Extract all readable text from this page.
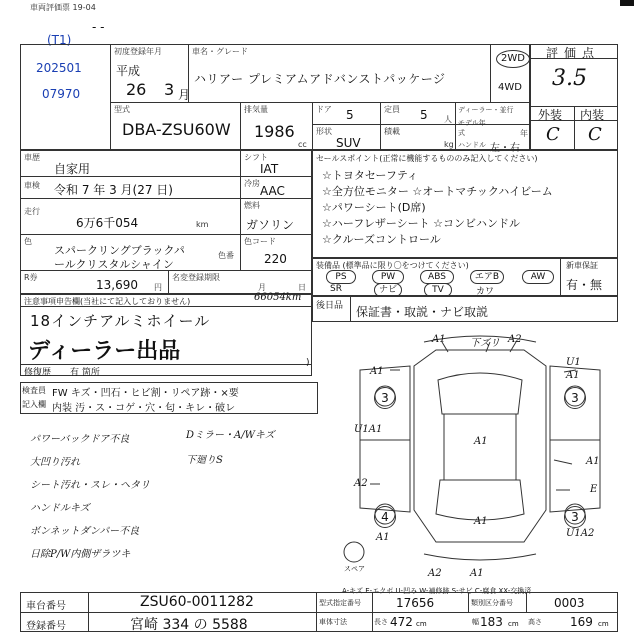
車両評価票 19-04
- -
(T1)
202501
07970
初度登録年月
平成
26 3 月
車名・グレード
ハリアー プレミアムアドバンストパッケージ
2WD
4WD
型式
DBA-ZSU60W
排気量
1986
cc
ドア 5	定員 5 人
形状
SUV
積載
kg
ディーラー・並行
モデル年式	年
ハンドル 左・右
評価点
3.5
外装 内装
C C
車歴
自家用
車検 令和 7 年 3 月(27 日)
走行
6万6千054	km
シフト
IAT
冷房
AAC
燃料
ガソリン
色
スパークリングブラックパ
ールクリスタルシャイン
色番
色コード
220
R券
13,690 円
名変登録期限
月	日
66054km
セールスポイント(正常に機能するもののみ記入してください)
☆トヨタセーフティ
☆全方位モニター ☆オートマチックハイビーム
☆パワーシート(D席)
☆ハーフレザーシート ☆コンビハンドル
☆クルーズコントロール
装備品 (標準品に限り〇をつけてください)	新車保証
有・無
PS	PW	ABS	エアB	AW
SR	ナビ	TV	カワ
注意事項申告欄(当社にて記入しておりません)
18インチアルミホイール
ディーラー出品	)
修復歴 有 箇所
後日品 保証書・取説・ナビ取説
検査員 FW キズ・凹石・ヒビ割・リペア跡・×要
記入欄 内装 汚・ス・コゲ・穴・匂・キレ・破レ
パワーバックドア不良
大凹り汚れ
シート汚れ・スレ・ヘタリ
ハンドルキズ
ボンネットダンパー不良
日除P/W内側ザラツキ
Dミラー・A/Wキズ
下廻りS
A1 下ズリ A2
A1
U1
A1
3	3
U1A1
A1
A1
A2
A1
E
4	3
A1	U1A2
A2	A1
スペア
A-キズ E-エクボ U-凹み W-補修跡 S-サビ C-腐食 XX-交換済
車台番号	ZSU60-0011282
登録番号	宮崎 334 の 5588
型式指定番号	17656	類別区分番号	0003
車体寸法	長さ 472 cm	幅 183 cm 高さ 169 cm
